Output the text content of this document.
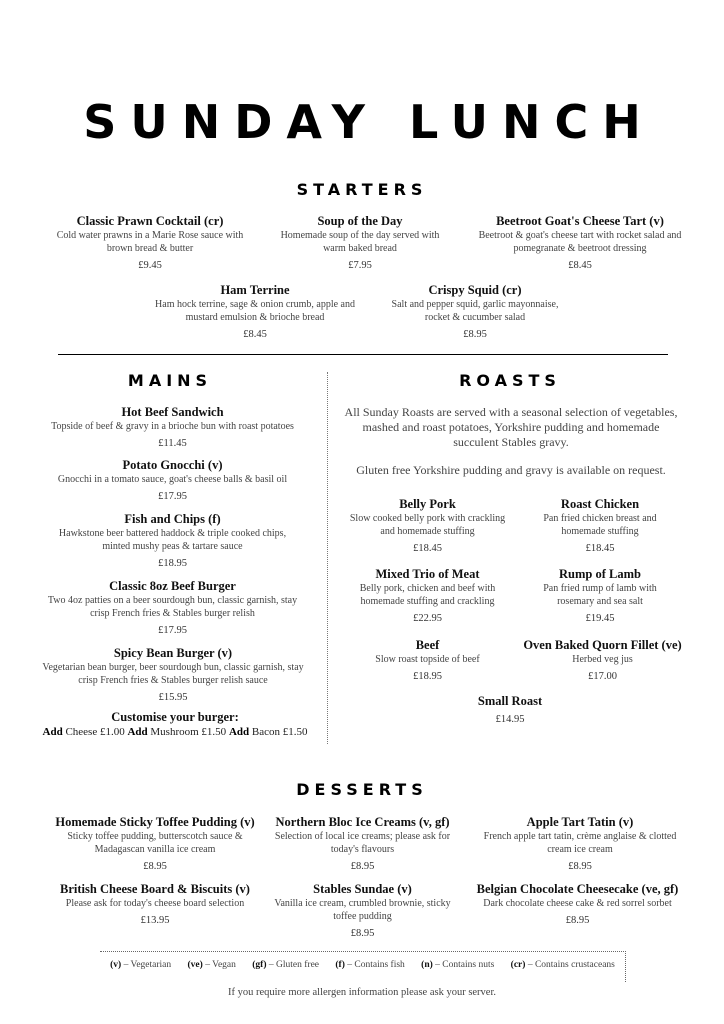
SUNDAY LUNCH
STARTERS
Classic Prawn Cocktail (cr)
Cold water prawns in a Marie Rose sauce with brown bread & butter
£9.45
Soup of the Day
Homemade soup of the day served with warm baked bread
£7.95
Beetroot Goat's Cheese Tart (v)
Beetroot & goat's cheese tart with rocket salad and pomegranate & beetroot dressing
£8.45
Ham Terrine
Ham hock terrine, sage & onion crumb, apple and mustard emulsion & brioche bread
£8.45
Crispy Squid (cr)
Salt and pepper squid, garlic mayonnaise, rocket & cucumber salad
£8.95
MAINS
Hot Beef Sandwich
Topside of beef & gravy in a brioche bun with roast potatoes
£11.45
Potato Gnocchi (v)
Gnocchi in a tomato sauce, goat's cheese balls & basil oil
£17.95
Fish and Chips (f)
Hawkstone beer battered haddock & triple cooked chips, minted mushy peas & tartare sauce
£18.95
Classic 8oz Beef Burger
Two 4oz patties on a beer sourdough bun, classic garnish, stay crisp French fries & Stables burger relish
£17.95
Spicy Bean Burger (v)
Vegetarian bean burger, beer sourdough bun, classic garnish, stay crisp French fries & Stables burger relish sauce
£15.95
Customise your burger:
Add Cheese £1.00 Add Mushroom £1.50 Add Bacon £1.50
ROASTS
All Sunday Roasts are served with a seasonal selection of vegetables, mashed and roast potatoes, Yorkshire pudding and homemade succulent Stables gravy.
Gluten free Yorkshire pudding and gravy is available on request.
Belly Pork
Slow cooked belly pork with crackling and homemade stuffing
£18.45
Roast Chicken
Pan fried chicken breast and homemade stuffing
£18.45
Mixed Trio of Meat
Belly pork, chicken and beef with homemade stuffing and crackling
£22.95
Rump of Lamb
Pan fried rump of lamb with rosemary and sea salt
£19.45
Beef
Slow roast topside of beef
£18.95
Oven Baked Quorn Fillet (ve)
Herbed veg jus
£17.00
Small Roast
£14.95
DESSERTS
Homemade Sticky Toffee Pudding (v)
Sticky toffee pudding, butterscotch sauce & Madagascan vanilla ice cream
£8.95
Northern Bloc Ice Creams (v, gf)
Selection of local ice creams; please ask for today's flavours
£8.95
Apple Tart Tatin (v)
French apple tart tatin, crème anglaise & clotted cream ice cream
£8.95
British Cheese Board & Biscuits (v)
Please ask for today's cheese board selection
£13.95
Stables Sundae (v)
Vanilla ice cream, crumbled brownie, sticky toffee pudding
£8.95
Belgian Chocolate Cheesecake (ve, gf)
Dark chocolate cheese cake & red sorrel sorbet
£8.95
(v) – Vegetarian (ve) – Vegan (gf) – Gluten free (f) – Contains fish (n) – Contains nuts (cr) – Contains crustaceans
If you require more allergen information please ask your server.
